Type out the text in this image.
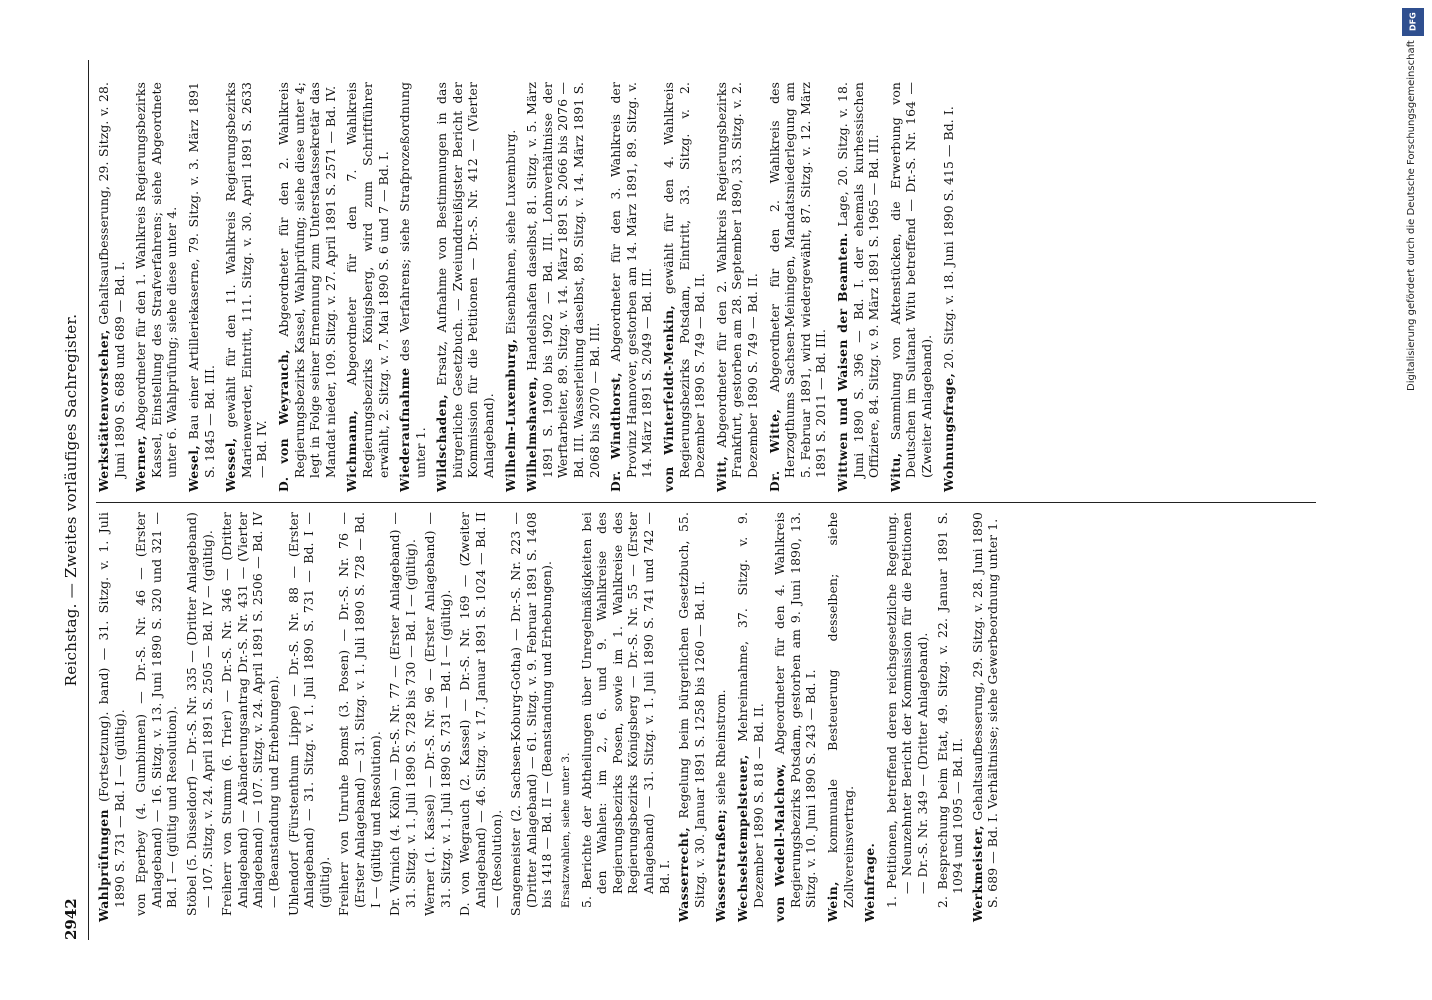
2942
Reichstag. — Zweites vorläufiges Sachregister.
Wahlprüfungen (Fortsetzung). band) — 31. Sitzg. v. 1. Juli 1890 S. 731 — Bd. I — (gültig). von Eperbey (4. Gumbinnen) — Dr.-S. Nr. 46 — (Erster Anlageband) — 16. Sitzg. v. 13. Juni 1890 S. 320 und 321 — Bd. I — (gültig und Resolution). Stöbel (5. Düsseldorf) — Dr.-S. Nr. 335 — (Dritter Anlageband) — 107. Sitzg. v. 24. April 1891 S. 2505 — Bd. IV — (gültig). Freiherr von Stumm (6. Trier) — Dr.-S. Nr. 346 — (Dritter Anlageband) — Abänderungsantrag Dr.-S. Nr. 431 — (Vierter Anlageband) — 107. Sitzg. v. 24. April 1891 S. 2506 — Bd. IV — (Beanstandung und Erhebungen). Uhlendorf (Fürstenthum Lippe) — Dr.-S. Nr. 88 — (Erster Anlageband) — 31. Sitzg. v. 1. Juli 1890 S. 731 — Bd. I — (gültig). Freiherr von Unruhe Bomst (3. Posen) — Dr.-S. Nr. 76 — (Erster Anlageband) — 31. Sitzg. v. 1. Juli 1890 S. 728 — Bd. I — (gültig und Resolution). Dr. Virnich (4. Köln) — Dr.-S. Nr. 77 — (Erster Anlageband) — 31. Sitzg. v. 1. Juli 1890 S. 728 bis 730 — Bd. I — (gültig). Werner (1. Kassel) — Dr.-S. Nr. 96 — (Erster Anlageband) — 31. Sitzg. v. 1. Juli 1890 S. 731 — Bd. I — (gültig). D. von Wegrauch (2. Kassel) — Dr.-S. Nr. 169 — (Zweiter Anlageband) — 46. Sitzg. v. 17. Januar 1891 S. 1024 — Bd. II — (Resolution). Sangemeister (2. Sachsen-Koburg-Gotha) — Dr.-S. Nr. 223 — (Dritter Anlageband) — 61. Sitzg. v. 9. Februar 1891 S. 1408 bis 1418 — Bd. II — (Beanstandung und Erhebungen). Ersatzwahlen, siehe unter 3. 5. Berichte der Abtheilungen über Unregelmäßigkeiten bei den Wahlen: im 2., 6. und 9. Wahlkreise des Regierungsbezirks Posen, sowie im 1. Wahlkreise des Regierungsbezirks Königsberg — Dr.-S. Nr. 55 — (Erster Anlageband) — 31. Sitzg. v. 1. Juli 1890 S. 741 und 742 — Bd. I. Wasserrecht, Regelung beim bürgerlichen Gesetzbuch, 55. Sitzg. v. 30. Januar 1891 S. 1258 bis 1260 — Bd. II. Wasserstraßen; siehe Rheinstrom.
Wechselstempelsteuer, Mehreinnahme, 37. Sitzg. v. 9. Dezember 1890 S. 818 — Bd. II. von Wedell-Malchow, Abgeordneter für den 4. Wahlkreis Regierungsbezirks Potsdam, gestorben am 9. Juni 1890, 13. Sitzg. v. 10. Juni 1890 S. 243 — Bd. I. Wein, kommunale Besteuerung desselben; siehe Zollvereinsvertrag. Weinfrage. 1. Petitionen, betreffend deren reichsgesetzliche Regelung. — Neunzehnter Bericht der Kommission für die Petitionen — Dr.-S. Nr. 349 — (Dritter Anlageband). 2. Besprechung beim Etat, 49. Sitzg. v. 22. Januar 1891 S. 1094 und 1095 — Bd. II. Werkmeister, Gehaltsaufbesserung, 29. Sitzg. v. 28. Juni 1890 S. 689 — Bd. I. Verhältnisse; siehe Gewerbeordnung unter 1.
Werkstättenvorsteher, Gehaltsaufbesserung, 29. Sitzg. v. 28. Juni 1890 S. 688 und 689 — Bd. I. Werner, Abgeordneter für den 1. Wahlkreis Regierungsbezirks Kassel, Einstellung des Strafverfahrens; siehe Abgeordnete unter 6. Wahlprüfung; siehe diese unter 4. Wesel, Bau einer Artilleriekaserne, 79. Sitzg. v. 3. März 1891 S. 1845 — Bd. III. Wessel, gewählt für den 11. Wahlkreis Regierungsbezirks Marienwerder, Eintritt, 111. Sitzg. v. 30. April 1891 S. 2633 — Bd. IV. D. von Weyrauch, Abgeordneter für den 2. Wahlkreis Regierungsbezirks Kassel, Wahlprüfung; siehe diese unter 4; legt in Folge seiner Ernennung zum Unterstaatssekretär das Mandat nieder, 109. Sitzg. v. 27. April 1891 S. 2571 — Bd. IV. Wichmann, Abgeordneter für den 7. Wahlkreis Regierungsbezirks Königsberg, wird zum Schriftführer erwählt, 2. Sitzg. v. 7. Mai 1890 S. 6 und 7 — Bd. I. Wiederaufnahme des Verfahrens; siehe Strafprozeßordnung unter 1. Wildschaden, Ersatz, Aufnahme von Bestimmungen in das bürgerliche Gesetzbuch. — Zweiunddreißigster Bericht der Kommission für die Petitionen — Dr.-S. Nr. 412 — (Vierter Anlageband). Wilhelm-Luxemburg, Eisenbahnen, siehe Luxemburg.
Wilhelmshaven, Handelshafen daselbst, 81. Sitzg. v. 5. März 1891 S. 1900 bis 1902 — Bd. III. Lohnverhältnisse der Werftarbeiter, 89. Sitzg. v. 14. März 1891 S. 2066 bis 2076 — Bd. III. Wasserleitung daselbst, 89. Sitzg. v. 14. März 1891 S. 2068 bis 2070 — Bd. III. Dr. Windthorst, Abgeordneter für den 3. Wahlkreis der Provinz Hannover, gestorben am 14. März 1891, 89. Sitzg. v. 14. März 1891 S. 2049 — Bd. III. von Winterfeldt-Menkin, gewählt für den 4. Wahlkreis Regierungsbezirks Potsdam, Eintritt, 33. Sitzg. v. 2. Dezember 1890 S. 749 — Bd. II. Witt, Abgeordneter für den 2. Wahlkreis Regierungsbezirks Frankfurt, gestorben am 28. September 1890, 33. Sitzg. v. 2. Dezember 1890 S. 749 — Bd. II. Dr. Witte, Abgeordneter für den 2. Wahlkreis des Herzogthums Sachsen-Meiningen, Mandatsniederlegung am 5. Februar 1891, wird wiedergewählt, 87. Sitzg. v. 12. März 1891 S. 2011 — Bd. III. Wittwen und Waisen der Beamten. Lage, 20. Sitzg. v. 18. Juni 1890 S. 396 — Bd. I. der ehemals kurhessischen Offiziere, 84. Sitzg. v. 9. März 1891 S. 1965 — Bd. III. Witu, Sammlung von Aktenstücken, die Erwerbung von Deutschen im Sultanat Witu betreffend — Dr.-S. Nr. 164 — (Zweiter Anlageband). Wohnungsfrage, 20. Sitzg. v. 18. Juni 1890 S. 415 — Bd. I.
DFG
Digitalisierung gefördert durch die Deutsche Forschungsgemeinschaft
